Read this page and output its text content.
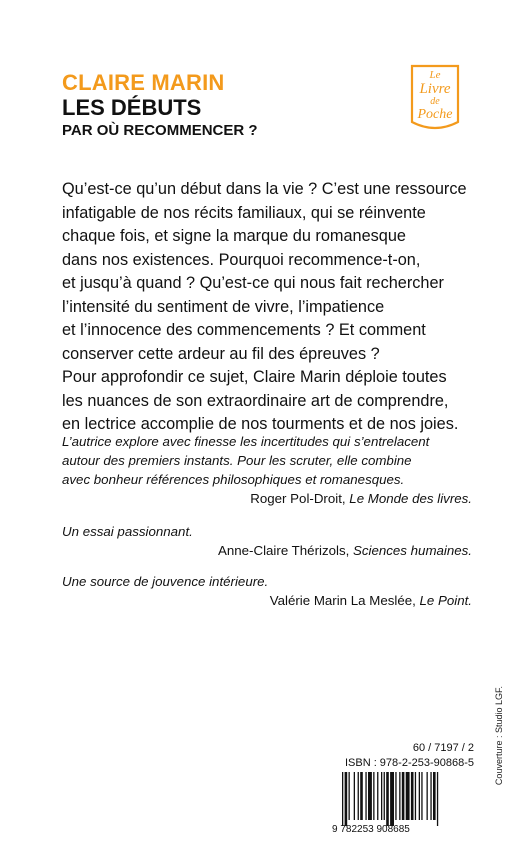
CLAIRE MARIN
LES DÉBUTS
PAR OÙ RECOMMENCER ?
Le
Livre
de
Poche
Qu’est-ce qu’un début dans la vie ? C’est une ressource
infatigable de nos récits familiaux, qui se réinvente
chaque fois, et signe la marque du romanesque
dans nos existences. Pourquoi recommence-t-on,
et jusqu’à quand ? Qu’est-ce qui nous fait rechercher
l’intensité du sentiment de vivre, l’impatience
et l’innocence des commencements ? Et comment
conserver cette ardeur au fil des épreuves ?
Pour approfondir ce sujet, Claire Marin déploie toutes
les nuances de son extraordinaire art de comprendre,
en lectrice accomplie de nos tourments et de nos joies.
L’autrice explore avec finesse les incertitudes qui s’entrelacent
autour des premiers instants. Pour les scruter, elle combine
avec bonheur références philosophiques et romanesques.
Roger Pol-Droit, Le Monde des livres.
Un essai passionnant.
Anne-Claire Thérizols, Sciences humaines.
Une source de jouvence intérieure.
Valérie Marin La Meslée, Le Point.
Couverture : Studio LGF.
60 / 7197 / 2
ISBN : 978-2-253-90868-5
9 782253 908685
